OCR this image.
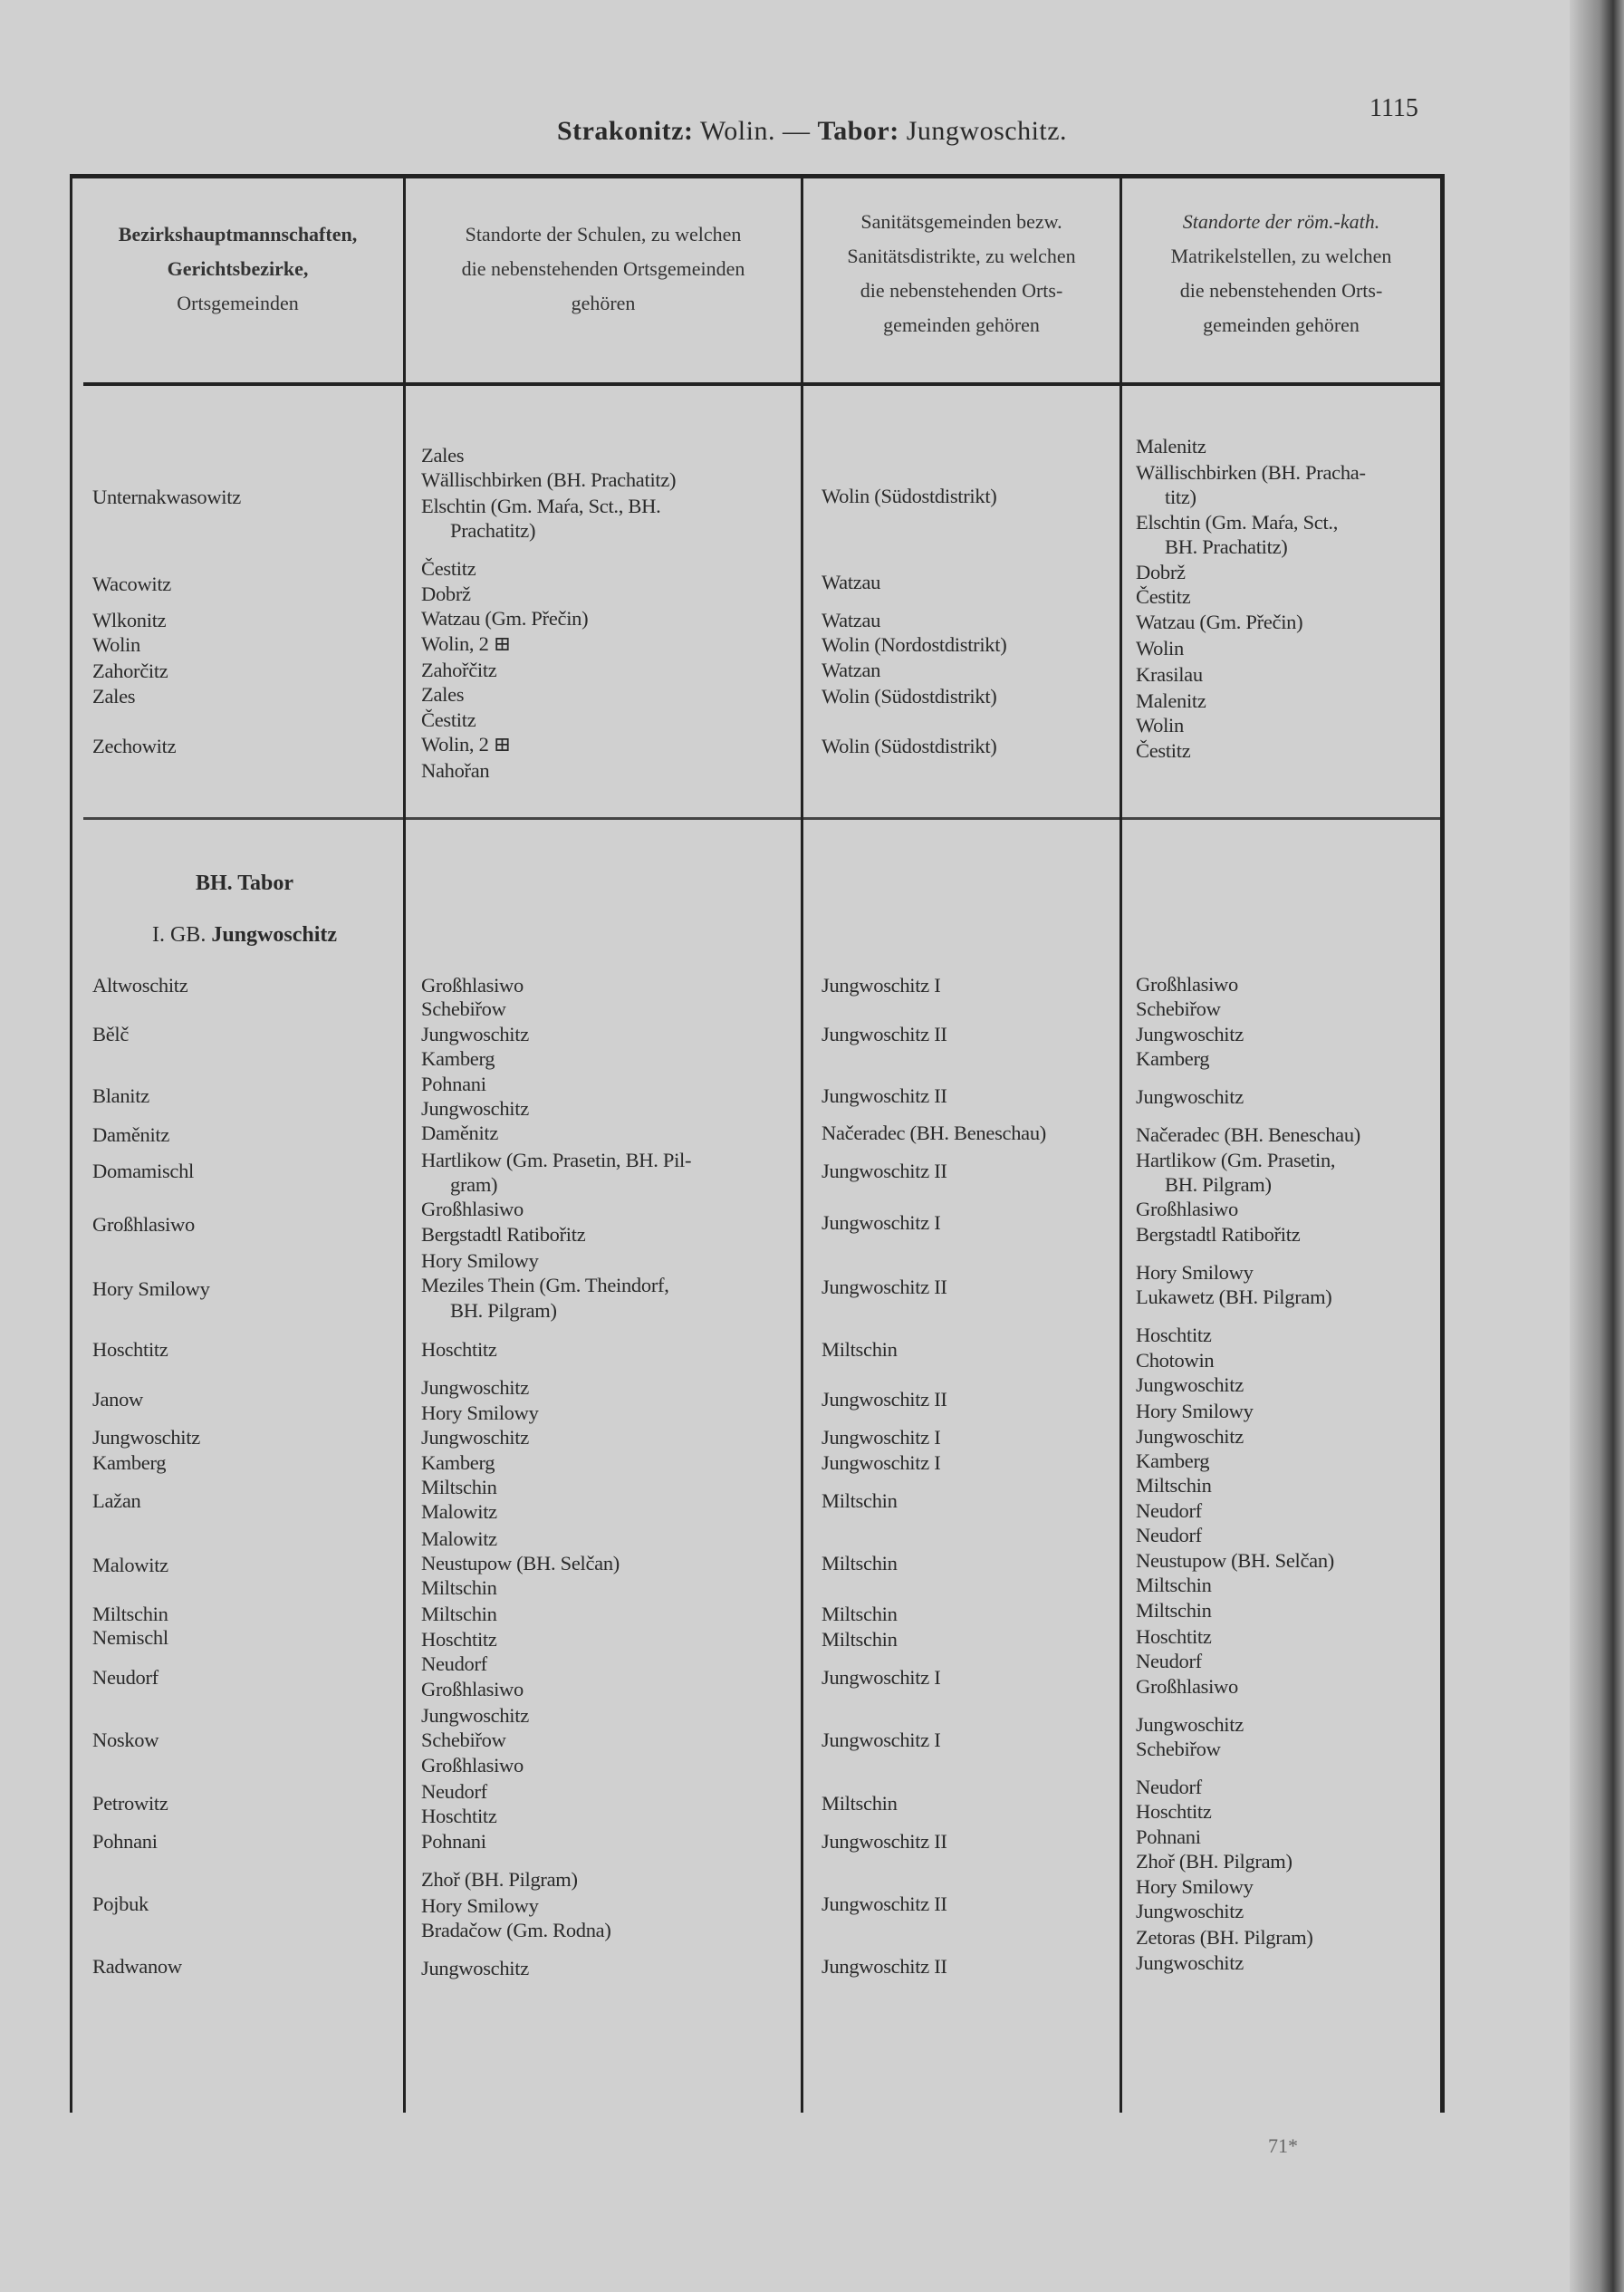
Strakonitz: Wolin. — Tabor: Jungwoschitz.
1115
Bezirkshauptmannschaften,
Gerichtsbezirke,
Ortsgemeinden
Standorte der Schulen, zu welchen
die nebenstehenden Ortsgemeinden
gehören
Sanitätsgemeinden bezw.
Sanitätsdistrikte, zu welchen
die nebenstehenden Orts-
gemeinden gehören
Standorte der röm.-kath.
Matrikelstellen, zu welchen
die nebenstehenden Orts-
gemeinden gehören
BH. Tabor
I. GB. Jungwoschitz
Unternakwasowitz
Wacowitz
Wlkonitz
Wolin
Zahorčitz
Zales
Zechowitz
Zales
Wällischbirken (BH. Prachatitz)
Elschtin (Gm. Maŕa, Sct., BH.
Prachatitz)
Čestitz
Dobrž
Watzau (Gm. Přečin)
Wolin, 2 ⊞
Zahořčitz
Zales
Čestitz
Wolin, 2 ⊞
Nahořan
Wolin (Südostdistrikt)
Watzau
Watzau
Wolin (Nordostdistrikt)
Watzan
Wolin (Südostdistrikt)
Wolin (Südostdistrikt)
Malenitz
Wällischbirken (BH. Pracha-
titz)
Elschtin (Gm. Maŕa, Sct.,
BH. Prachatitz)
Dobrž
Čestitz
Watzau (Gm. Přečin)
Wolin
Krasilau
Malenitz
Wolin
Čestitz
Altwoschitz
Bělč
Blanitz
Daměnitz
Domamischl
Großhlasiwo
Hory Smilowy
Hoschtitz
Janow
Jungwoschitz
Kamberg
Lažan
Malowitz
Miltschin
Nemischl
Neudorf
Noskow
Petrowitz
Pohnani
Pojbuk
Radwanow
Großhlasiwo
Schebiřow
Jungwoschitz
Kamberg
Pohnani
Jungwoschitz
Daměnitz
Hartlikow (Gm. Prasetin, BH. Pil-
gram)
Großhlasiwo
Bergstadtl Ratibořitz
Hory Smilowy
Meziles Thein (Gm. Theindorf,
BH. Pilgram)
Hoschtitz
Jungwoschitz
Hory Smilowy
Jungwoschitz
Kamberg
Miltschin
Malowitz
Malowitz
Neustupow (BH. Selčan)
Miltschin
Miltschin
Hoschtitz
Neudorf
Großhlasiwo
Jungwoschitz
Schebiřow
Großhlasiwo
Neudorf
Hoschtitz
Pohnani
Zhoř (BH. Pilgram)
Hory Smilowy
Bradačow (Gm. Rodna)
Jungwoschitz
Jungwoschitz I
Jungwoschitz II
Jungwoschitz II
Načeradec (BH. Beneschau)
Jungwoschitz II
Jungwoschitz I
Jungwoschitz II
Miltschin
Jungwoschitz II
Jungwoschitz I
Jungwoschitz I
Miltschin
Miltschin
Miltschin
Miltschin
Jungwoschitz I
Jungwoschitz I
Miltschin
Jungwoschitz II
Jungwoschitz II
Jungwoschitz II
Großhlasiwo
Schebiřow
Jungwoschitz
Kamberg
Jungwoschitz
Načeradec (BH. Beneschau)
Hartlikow (Gm. Prasetin,
BH. Pilgram)
Großhlasiwo
Bergstadtl Ratibořitz
Hory Smilowy
Lukawetz (BH. Pilgram)
Hoschtitz
Chotowin
Jungwoschitz
Hory Smilowy
Jungwoschitz
Kamberg
Miltschin
Neudorf
Neudorf
Neustupow (BH. Selčan)
Miltschin
Miltschin
Hoschtitz
Neudorf
Großhlasiwo
Jungwoschitz
Schebiřow
Neudorf
Hoschtitz
Pohnani
Zhoř (BH. Pilgram)
Hory Smilowy
Jungwoschitz
Zetoras (BH. Pilgram)
Jungwoschitz
71*
